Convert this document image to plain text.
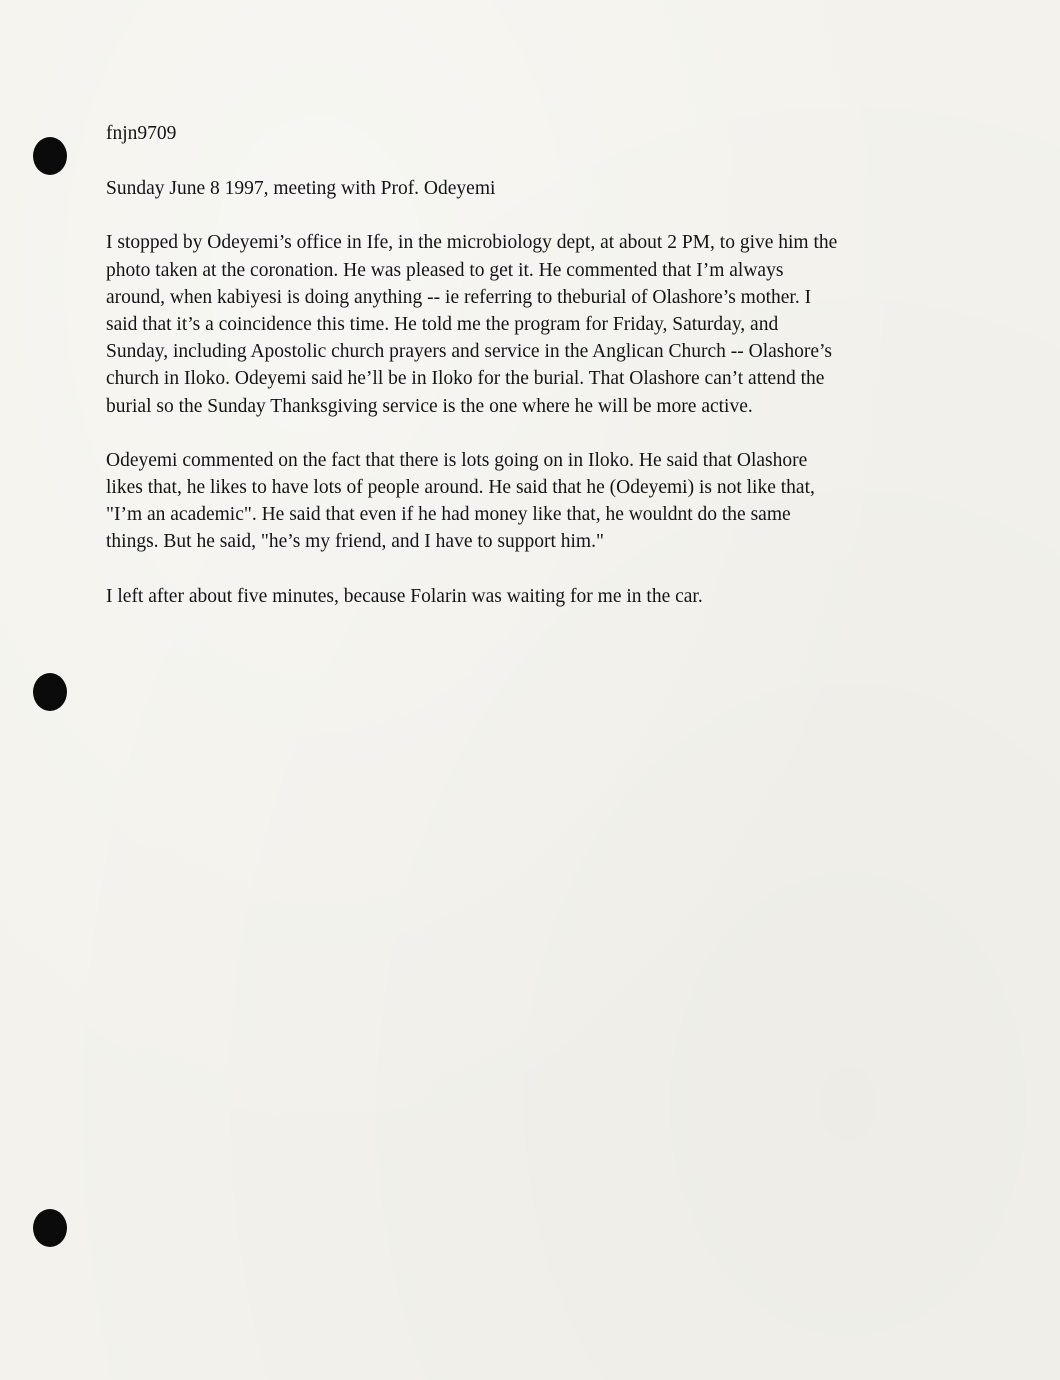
fnjn9709
Sunday June 8 1997, meeting with Prof. Odeyemi
I stopped by Odeyemi’s office in Ife, in the microbiology dept, at about 2 PM, to give him the
photo taken at the coronation. He was pleased to get it. He commented that I’m always
around, when kabiyesi is doing anything -- ie referring to theburial of Olashore’s mother. I
said that it’s a coincidence this time. He told me the program for Friday, Saturday, and
Sunday, including Apostolic church prayers and service in the Anglican Church -- Olashore’s
church in Iloko. Odeyemi said he’ll be in Iloko for the burial. That Olashore can’t attend the
burial so the Sunday Thanksgiving service is the one where he will be more active.
Odeyemi commented on the fact that there is lots going on in Iloko. He said that Olashore
likes that, he likes to have lots of people around. He said that he (Odeyemi) is not like that,
"I’m an academic". He said that even if he had money like that, he wouldnt do the same
things. But he said, "he’s my friend, and I have to support him."
I left after about five minutes, because Folarin was waiting for me in the car.
